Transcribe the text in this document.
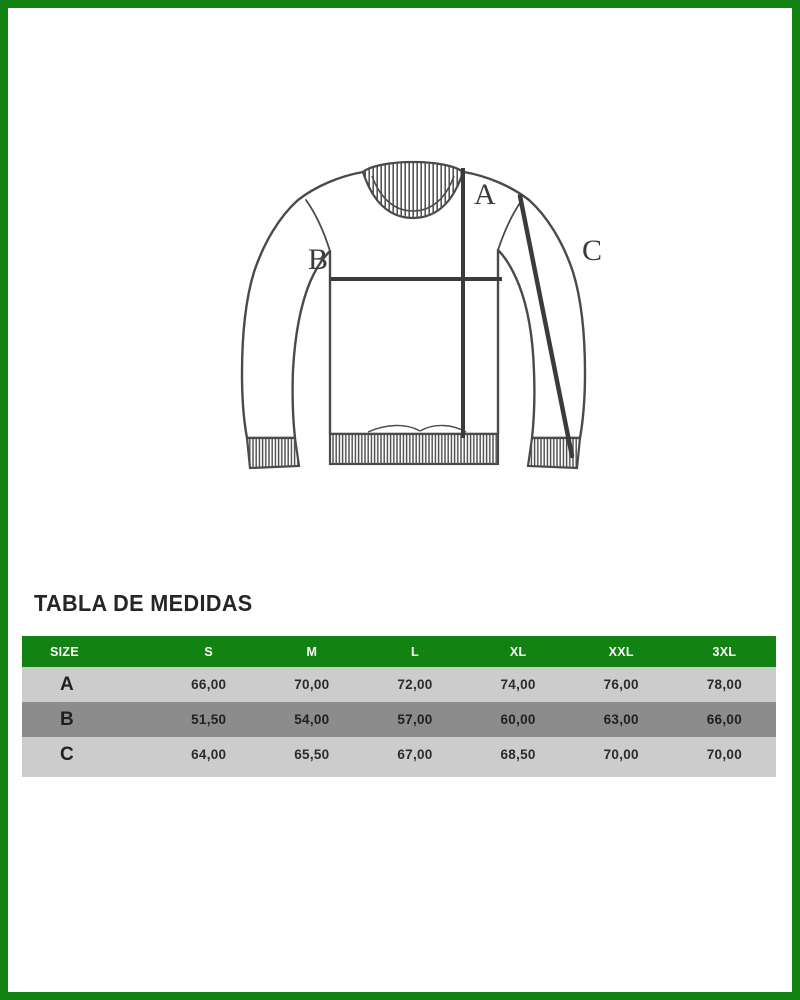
A
B	C
TABLA DE MEDIDAS
SIZE	S	M	L	XL	XXL	3XL
A	66,00	70,00	72,00	74,00	76,00	78,00
B	51,50	54,00	57,00	60,00	63,00	66,00
C	64,00	65,50	67,00	68,50	70,00	70,00
